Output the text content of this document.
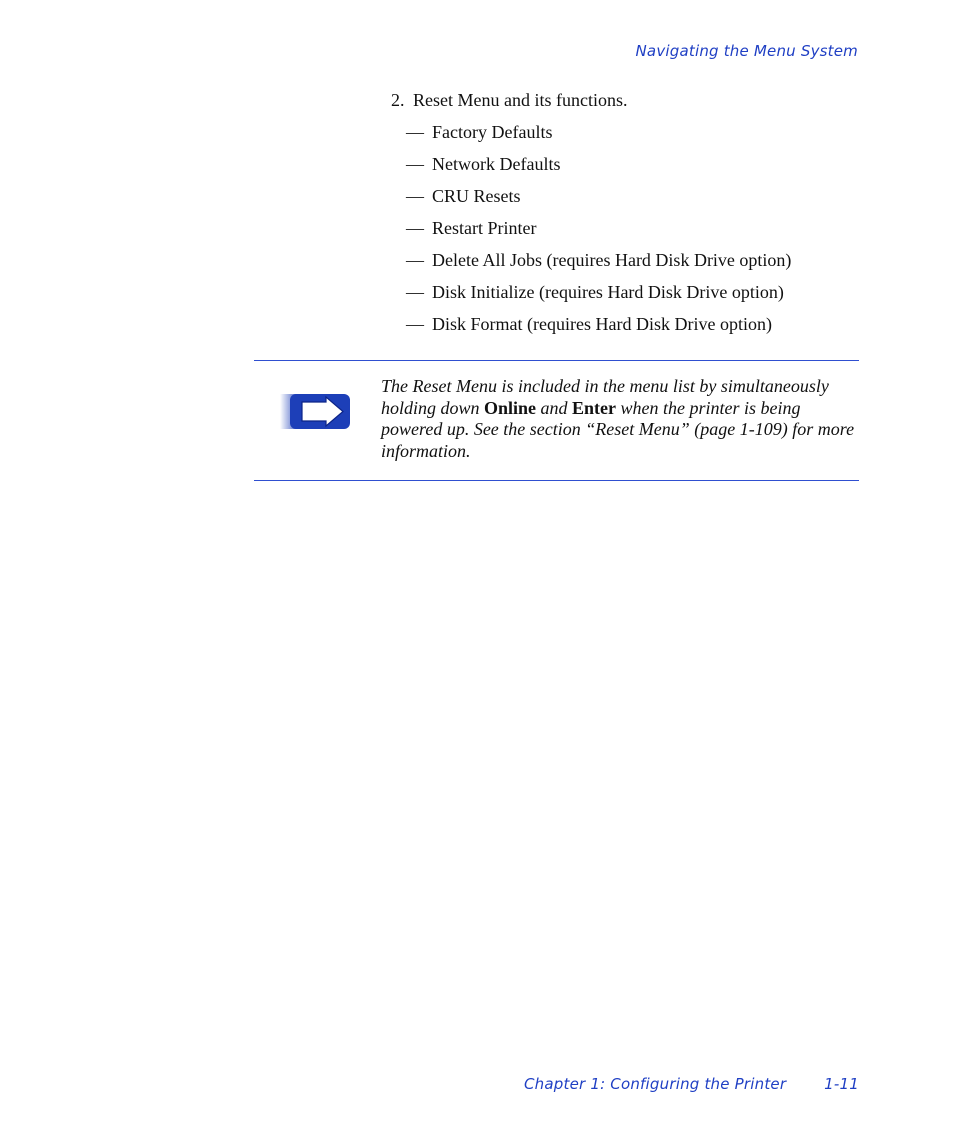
Navigating the Menu System
2. Reset Menu and its functions.
— Factory Defaults
— Network Defaults
— CRU Resets
— Restart Printer
— Delete All Jobs (requires Hard Disk Drive option)
— Disk Initialize (requires Hard Disk Drive option)
— Disk Format (requires Hard Disk Drive option)
The Reset Menu is included in the menu list by simultaneously holding down Online and Enter when the printer is being powered up. See the section “Reset Menu” (page 1-109) for more information.
Chapter 1: Configuring the Printer	1-11
